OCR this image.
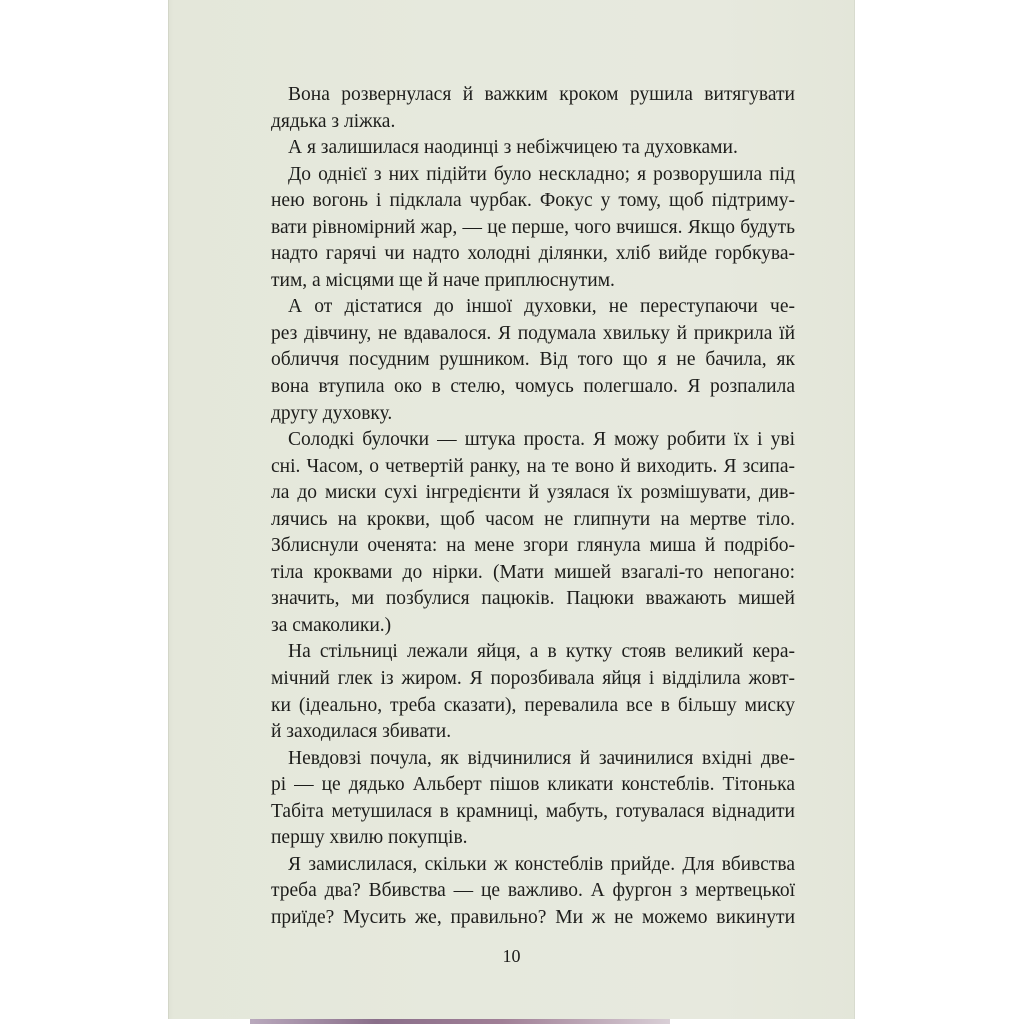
Вона розвернулася й важким кроком рушила витягувати
дядька з ліжка.
А я залишилася наодинці з небіжчицею та духовками.
До однієї з них підійти було нескладно; я розворушила під
нею вогонь і підклала чурбак. Фокус у тому, щоб підтриму-
вати рівномірний жар, — це перше, чого вчишся. Якщо будуть
надто гарячі чи надто холодні ділянки, хліб вийде горбкува-
тим, а місцями ще й наче приплюснутим.
А от дістатися до іншої духовки, не переступаючи че-
рез дівчину, не вдавалося. Я подумала хвильку й прикрила їй
обличчя посудним рушником. Від того що я не бачила, як
вона втупила око в стелю, чомусь полегшало. Я розпалила
другу духовку.
Солодкі булочки — штука проста. Я можу робити їх і уві
сні. Часом, о четвертій ранку, на те воно й виходить. Я зсипа-
ла до миски сухі інгредієнти й узялася їх розмішувати, див-
лячись на крокви, щоб часом не глипнути на мертве тіло.
Зблиснули оченята: на мене згори глянула миша й подрібо-
тіла кроквами до нірки. (Мати мишей взагалі-то непогано:
значить, ми позбулися пацюків. Пацюки вважають мишей
за смаколики.)
На стільниці лежали яйця, а в кутку стояв великий кера-
мічний глек із жиром. Я порозбивала яйця і відділила жовт-
ки (ідеально, треба сказати), перевалила все в більшу миску
й заходилася збивати.
Невдовзі почула, як відчинилися й зачинилися вхідні две-
рі — це дядько Альберт пішов кликати констеблів. Тітонька
Табіта метушилася в крамниці, мабуть, готувалася віднадити
першу хвилю покупців.
Я замислилася, скільки ж констеблів прийде. Для вбивства
треба два? Вбивства — це важливо. А фургон з мертвецької
приїде? Мусить же, правильно? Ми ж не можемо викинути
10
